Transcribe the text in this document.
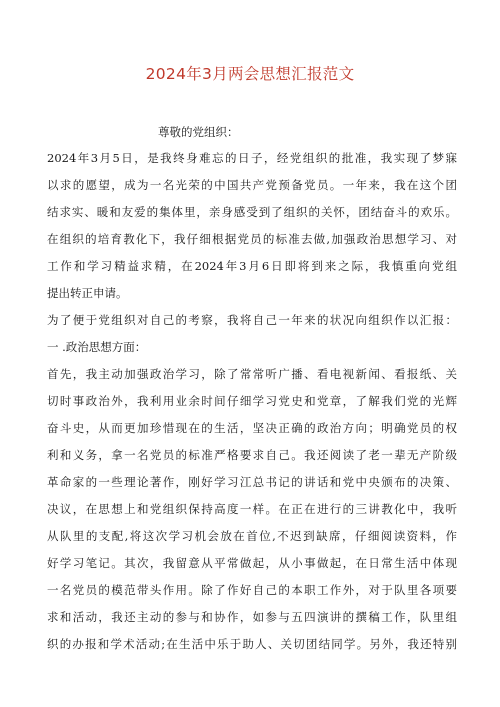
2024年3月两会思想汇报范文
尊敬的党组织：
2024年3月5日，是我终身难忘的日子，经党组织的批准，我实现了梦寐
以求的愿望，成为一名光荣的中国共产党预备党员。一年来，我在这个团
结求实、暖和友爱的集体里，亲身感受到了组织的关怀，团结奋斗的欢乐。
在组织的培育教化下，我仔细根据党员的标准去做,加强政治思想学习、对
工作和学习精益求精，在2024年3月6日即将到来之际，我慎重向党组
提出转正申请。
为了便于党组织对自己的考察，我将自己一年来的状况向组织作以汇报：
一 .政治思想方面：
首先，我主动加强政治学习，除了常常听广播、看电视新闻、看报纸、关
切时事政治外，我利用业余时间仔细学习党史和党章，了解我们党的光辉
奋斗史，从而更加珍惜现在的生活，坚决正确的政治方向；明确党员的权
利和义务，拿一名党员的标准严格要求自己。我还阅读了老一辈无产阶级
革命家的一些理论著作，刚好学习江总书记的讲话和党中央颁布的决策、
决议，在思想上和党组织保持高度一样。在正在进行的三讲教化中，我听
从队里的支配,将这次学习机会放在首位,不迟到缺席，仔细阅读资料，作
好学习笔记。其次，我留意从平常做起，从小事做起，在日常生活中体现
一名党员的模范带头作用。除了作好自己的本职工作外，对于队里各项要
求和活动，我还主动的参与和协作，如参与五四演讲的撰稿工作，队里组
织的办报和学术活动;在生活中乐于助人、关切团结同学。另外，我还特别
